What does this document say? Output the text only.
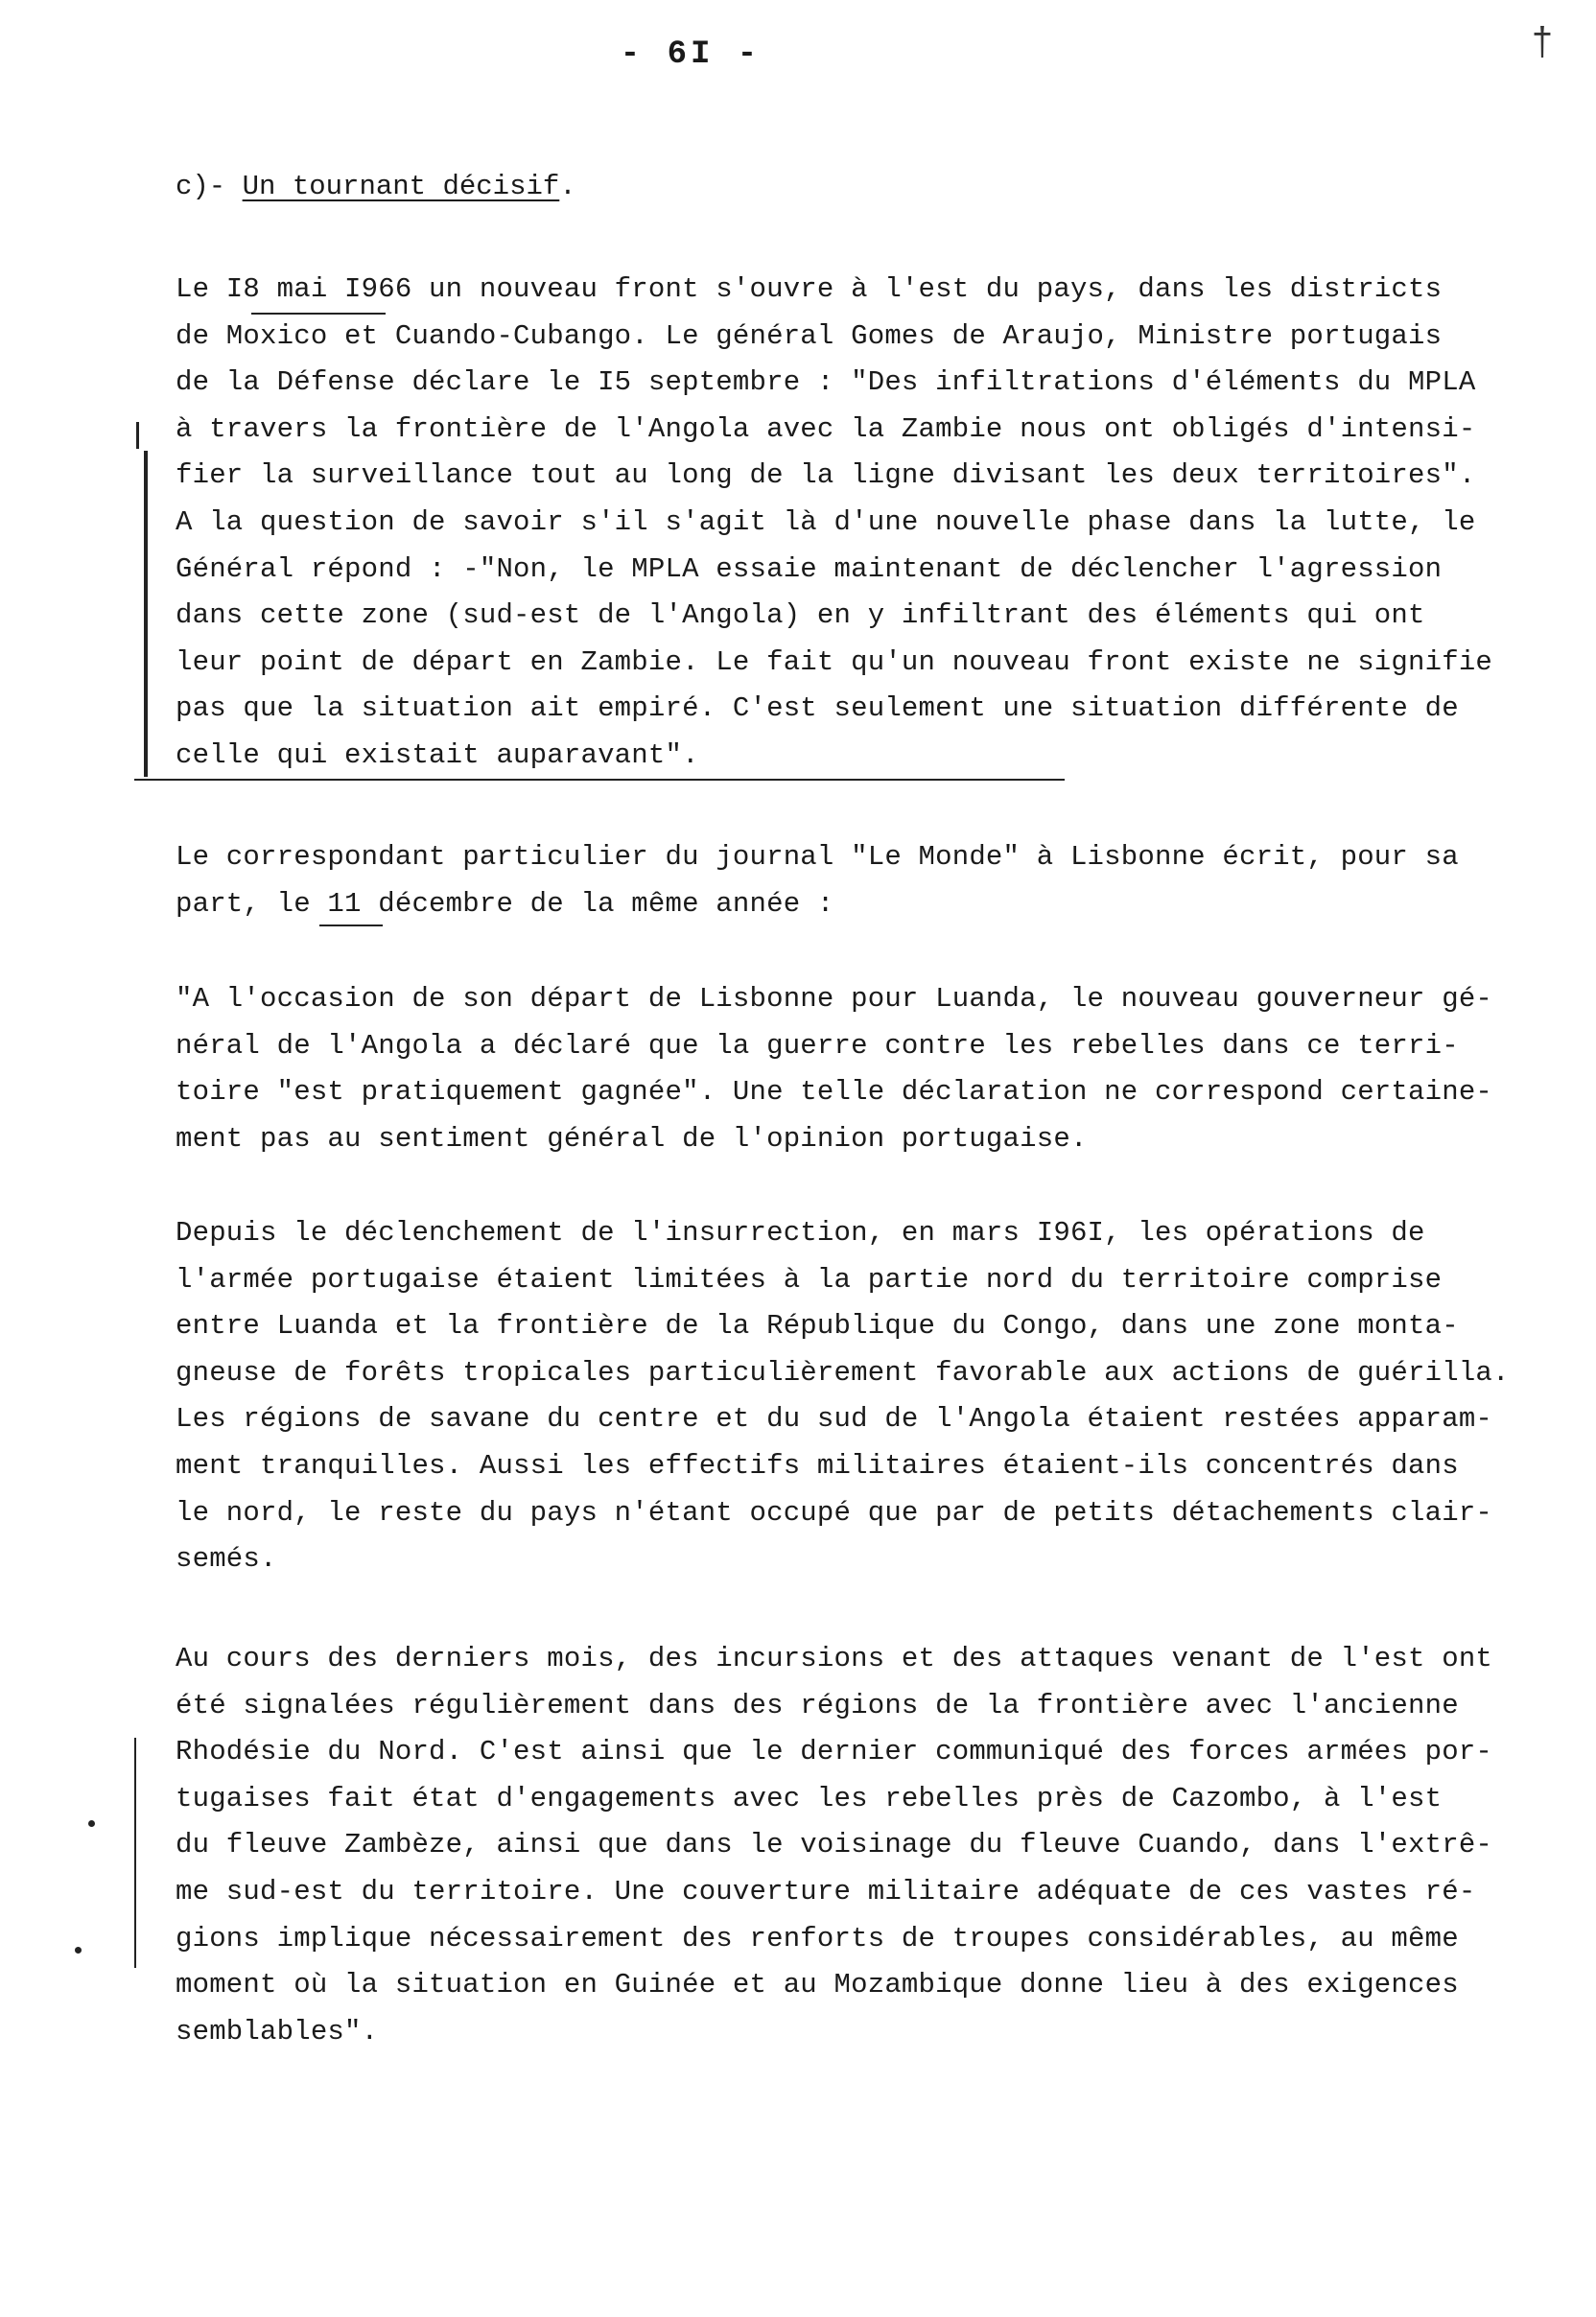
- 6I -	†
c)- Un tournant décisif.

Le I8 mai I966 un nouveau front s'ouvre à l'est du pays, dans les districts
de Moxico et Cuando-Cubango. Le général Gomes de Araujo, Ministre portugais
de la Défense déclare le I5 septembre : "Des infiltrations d'éléments du MPLA
à travers la frontière de l'Angola avec la Zambie nous ont obligés d'intensi-
fier la surveillance tout au long de la ligne divisant les deux territoires".
A la question de savoir s'il s'agit là d'une nouvelle phase dans la lutte, le
Général répond : -"Non, le MPLA essaie maintenant de déclencher l'agression
dans cette zone (sud-est de l'Angola) en y infiltrant des éléments qui ont
leur point de départ en Zambie. Le fait qu'un nouveau front existe ne signifie
pas que la situation ait empiré. C'est seulement une situation différente de
celle qui existait auparavant".

Le correspondant particulier du journal "Le Monde" à Lisbonne écrit, pour sa
part, le 11 décembre de la même année :

"A l'occasion de son départ de Lisbonne pour Luanda, le nouveau gouverneur gé-
néral de l'Angola a déclaré que la guerre contre les rebelles dans ce terri-
toire "est pratiquement gagnée". Une telle déclaration ne correspond certaine-
ment pas au sentiment général de l'opinion portugaise.

Depuis le déclenchement de l'insurrection, en mars I96I, les opérations de
l'armée portugaise étaient limitées à la partie nord du territoire comprise
entre Luanda et la frontière de la République du Congo, dans une zone monta-
gneuse de forêts tropicales particulièrement favorable aux actions de guérilla.
Les régions de savane du centre et du sud de l'Angola étaient restées apparam-
ment tranquilles. Aussi les effectifs militaires étaient-ils concentrés dans
le nord, le reste du pays n'étant occupé que par de petits détachements clair-
semés.

Au cours des derniers mois, des incursions et des attaques venant de l'est ont
été signalées régulièrement dans des régions de la frontière avec l'ancienne
Rhodésie du Nord. C'est ainsi que le dernier communiqué des forces armées por-
tugaises fait état d'engagements avec les rebelles près de Cazombo, à l'est
du fleuve Zambèze, ainsi que dans le voisinage du fleuve Cuando, dans l'extrê-
me sud-est du territoire. Une couverture militaire adéquate de ces vastes ré-
gions implique nécessairement des renforts de troupes considérables, au même
moment où la situation en Guinée et au Mozambique donne lieu à des exigences
semblables".
